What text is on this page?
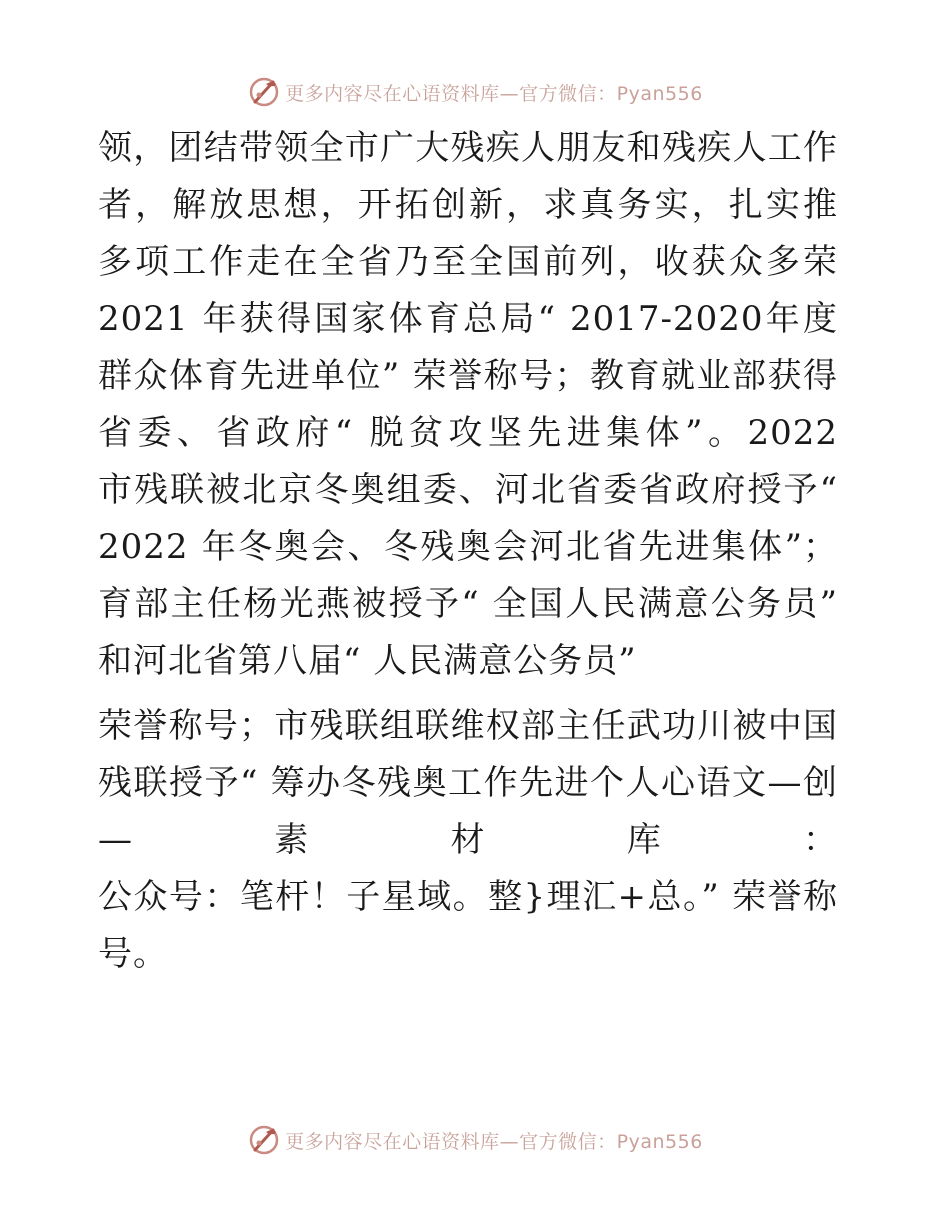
更多内容尽在心语资料库—官方微信：Pyan556
领，团结带领全市广大残疾人朋友和残疾人工作
者，解放思想，开拓创新，求真务实，扎实推
多项工作走在全省乃至全国前列，收获众多荣
2021 年获得国家体育总局“ 2017-2020年度
群众体育先进单位” 荣誉称号；教育就业部获得
省委、省政府“ 脱贫攻坚先进集体”。2022
市残联被北京冬奥组委、河北省委省政府授予“
2022 年冬奥会、冬残奥会河北省先进集体”；
育部主任杨光燕被授予“ 全国人民满意公务员”
和河北省第八届“ 人民满意公务员”
荣誉称号；市残联组联维权部主任武功川被中国
残联授予“ 筹办冬残奥工作先进个人心语文—创
—素材库：
公众号：笔杆！子星域。整}理汇+总。” 荣誉称
号。
更多内容尽在心语资料库—官方微信：Pyan556
